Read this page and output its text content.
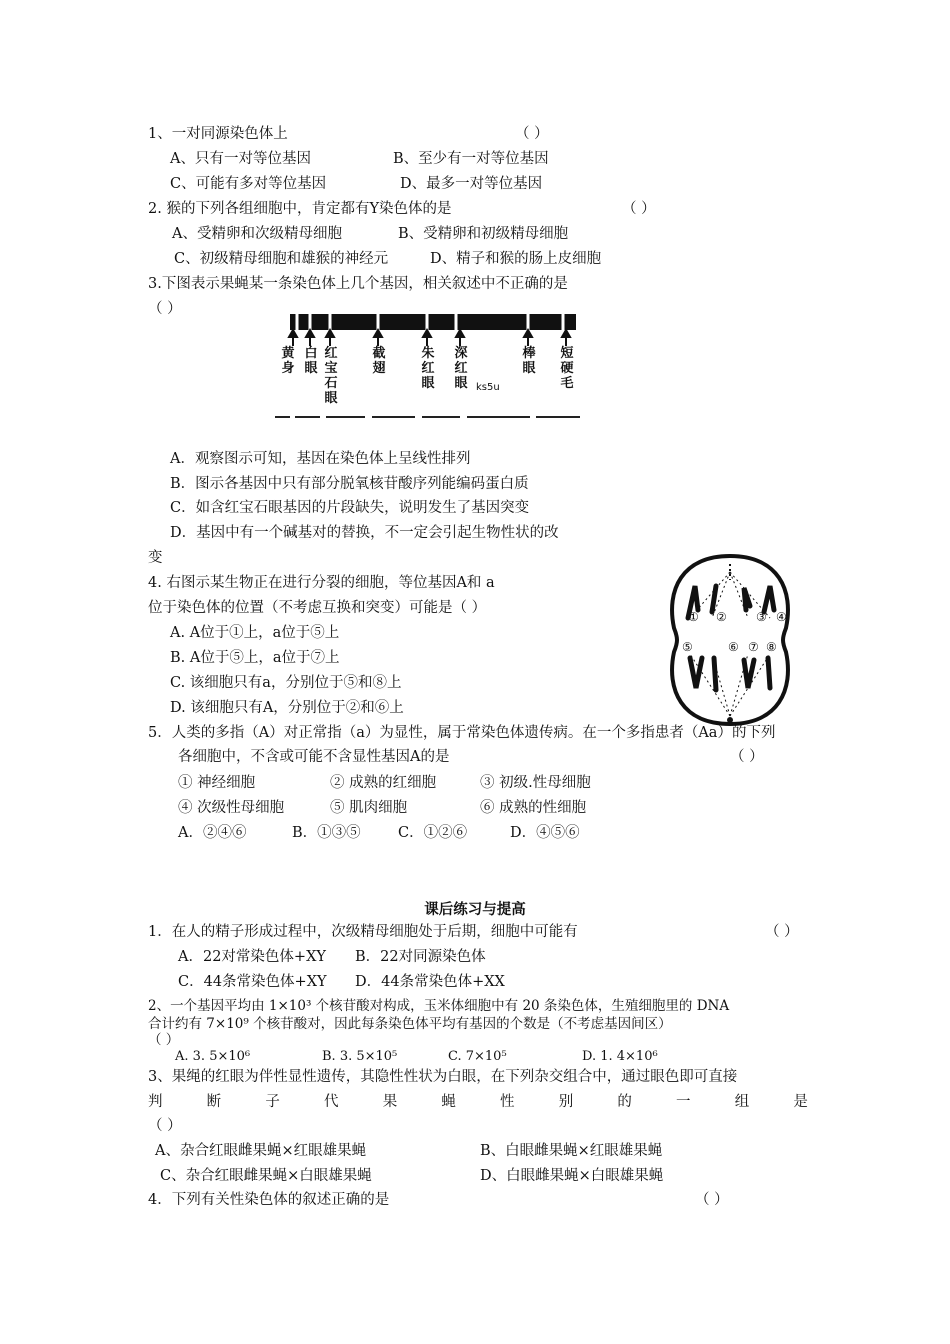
1、一对同源染色体上	（ ）
A、只有一对等位基因	B、至少有一对等位基因
C、可能有多对等位基因	D、最多一对等位基因
2. 猴的下列各组细胞中，肯定都有Y染色体的是	（ ）
A、受精卵和次级精母细胞	B、受精卵和初级精母细胞
C、初级精母细胞和雄猴的神经元	D、精子和猴的肠上皮细胞
3.下图表示果蝇某一条染色体上几个基因，相关叙述中不正确的是
（ ）
黄身
白眼
红宝石眼
截翅
朱红眼
深红眼 ks5u
棒眼
短硬毛
A．观察图示可知，基因在染色体上呈线性排列
B．图示各基因中只有部分脱氧核苷酸序列能编码蛋白质
C．如含红宝石眼基因的片段缺失，说明发生了基因突变
D．基因中有一个碱基对的替换，不一定会引起生物性状的改
变
4. 右图示某生物正在进行分裂的细胞，等位基因A和 a
位于染色体的位置（不考虑互换和突变）可能是（ ）
A. A位于①上，a位于⑤上
B. A位于⑤上，a位于⑦上
C. 该细胞只有a，分别位于⑤和⑧上
D. 该细胞只有A，分别位于②和⑥上
① ② ③ ④
⑤	⑥ ⑦ ⑧
5．人类的多指（A）对正常指（a）为显性，属于常染色体遗传病。在一个多指患者（Aa）的下列
各细胞中，不含或可能不含显性基因A的是	（ ）
① 神经细胞	② 成熟的红细胞	③ 初级.性母细胞
④ 次级性母细胞	⑤ 肌肉细胞	⑥ 成熟的性细胞
A．②④⑥	B．①③⑤	C．①②⑥	D．④⑤⑥
课后练习与提高
1．在人的精子形成过程中，次级精母细胞处于后期，细胞中可能有	（ ）
A．22对常染色体+XY B．22对同源染色体
C．44条常染色体+XY D．44条常染色体+XX
2、一个基因平均由 1×10³ 个核苷酸对构成，玉米体细胞中有 20 条染色体，生殖细胞里的 DNA
合计约有 7×10⁹ 个核苷酸对，因此每条染色体平均有基因的个数是（不考虑基因间区）
（ ）
A. 3. 5×10⁶	B. 3. 5×10⁵	C. 7×10⁵	D. 1. 4×10⁶
3、果绳的红眼为伴性显性遗传，其隐性性状为白眼，在下列杂交组合中，通过眼色即可直接
判	断	子	代	果	蝇	性	别	的	一	组	是
（ ）
A、杂合红眼雌果蝇×红眼雄果蝇	B、白眼雌果蝇×红眼雄果蝇
C、杂合红眼雌果蝇×白眼雄果蝇	D、白眼雌果蝇×白眼雄果蝇
4．下列有关性染色体的叙述正确的是	（ ）
